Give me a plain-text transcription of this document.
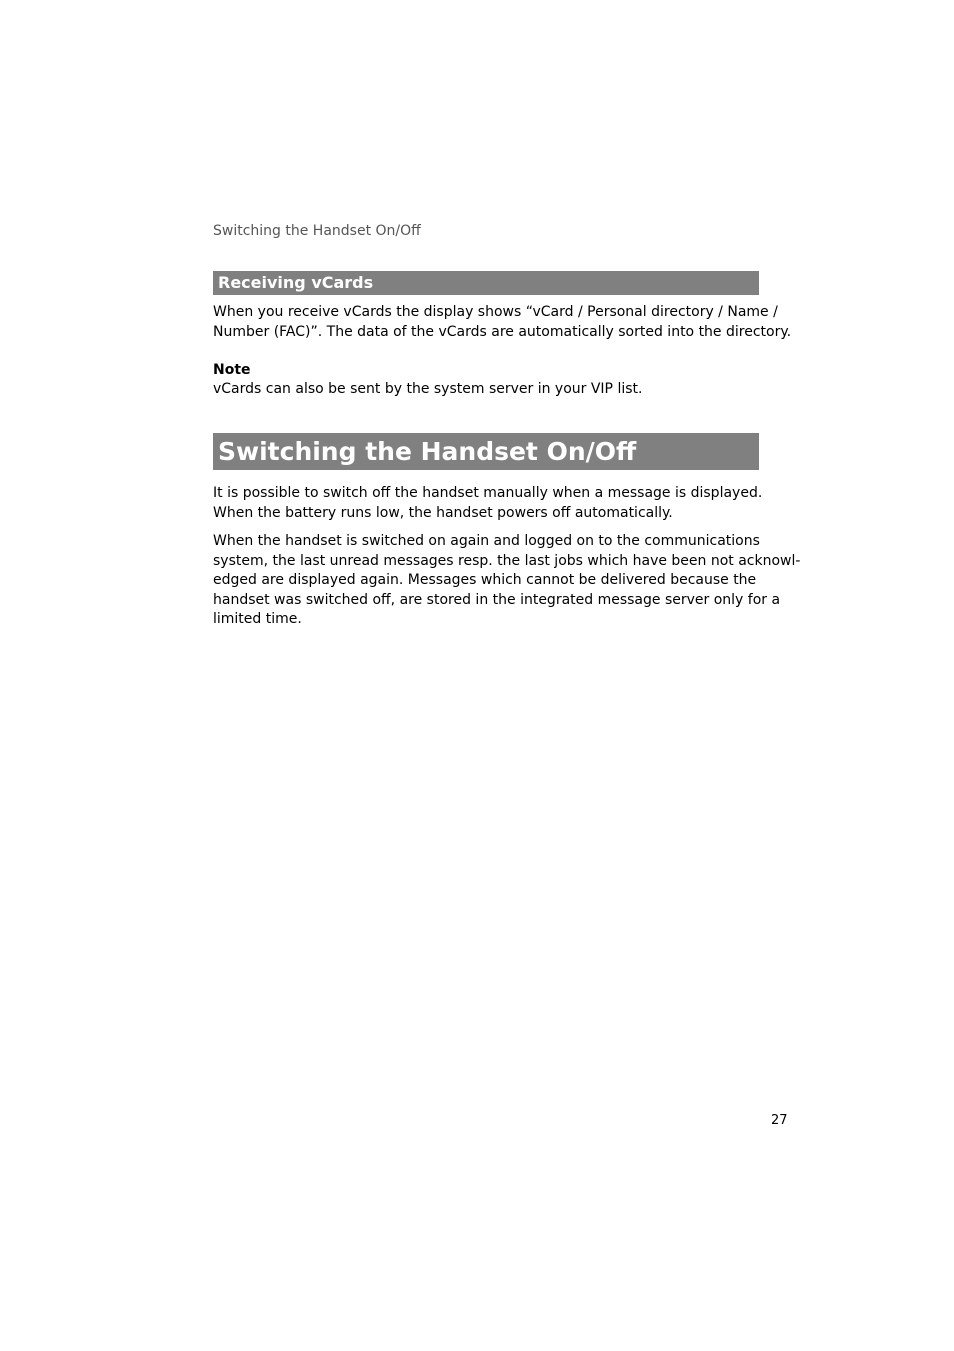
Switching the Handset On/Off
Receiving vCards
When you receive vCards the display shows “vCard / Personal directory / Name /
Number (FAC)”. The data of the vCards are automatically sorted into the directory.
Note
vCards can also be sent by the system server in your VIP list.
Switching the Handset On/Off
It is possible to switch off the handset manually when a message is displayed.
When the battery runs low, the handset powers off automatically.
When the handset is switched on again and logged on to the communications
system, the last unread messages resp. the last jobs which have been not acknowl-
edged are displayed again. Messages which cannot be delivered because the
handset was switched off, are stored in the integrated message server only for a
limited time.
27
